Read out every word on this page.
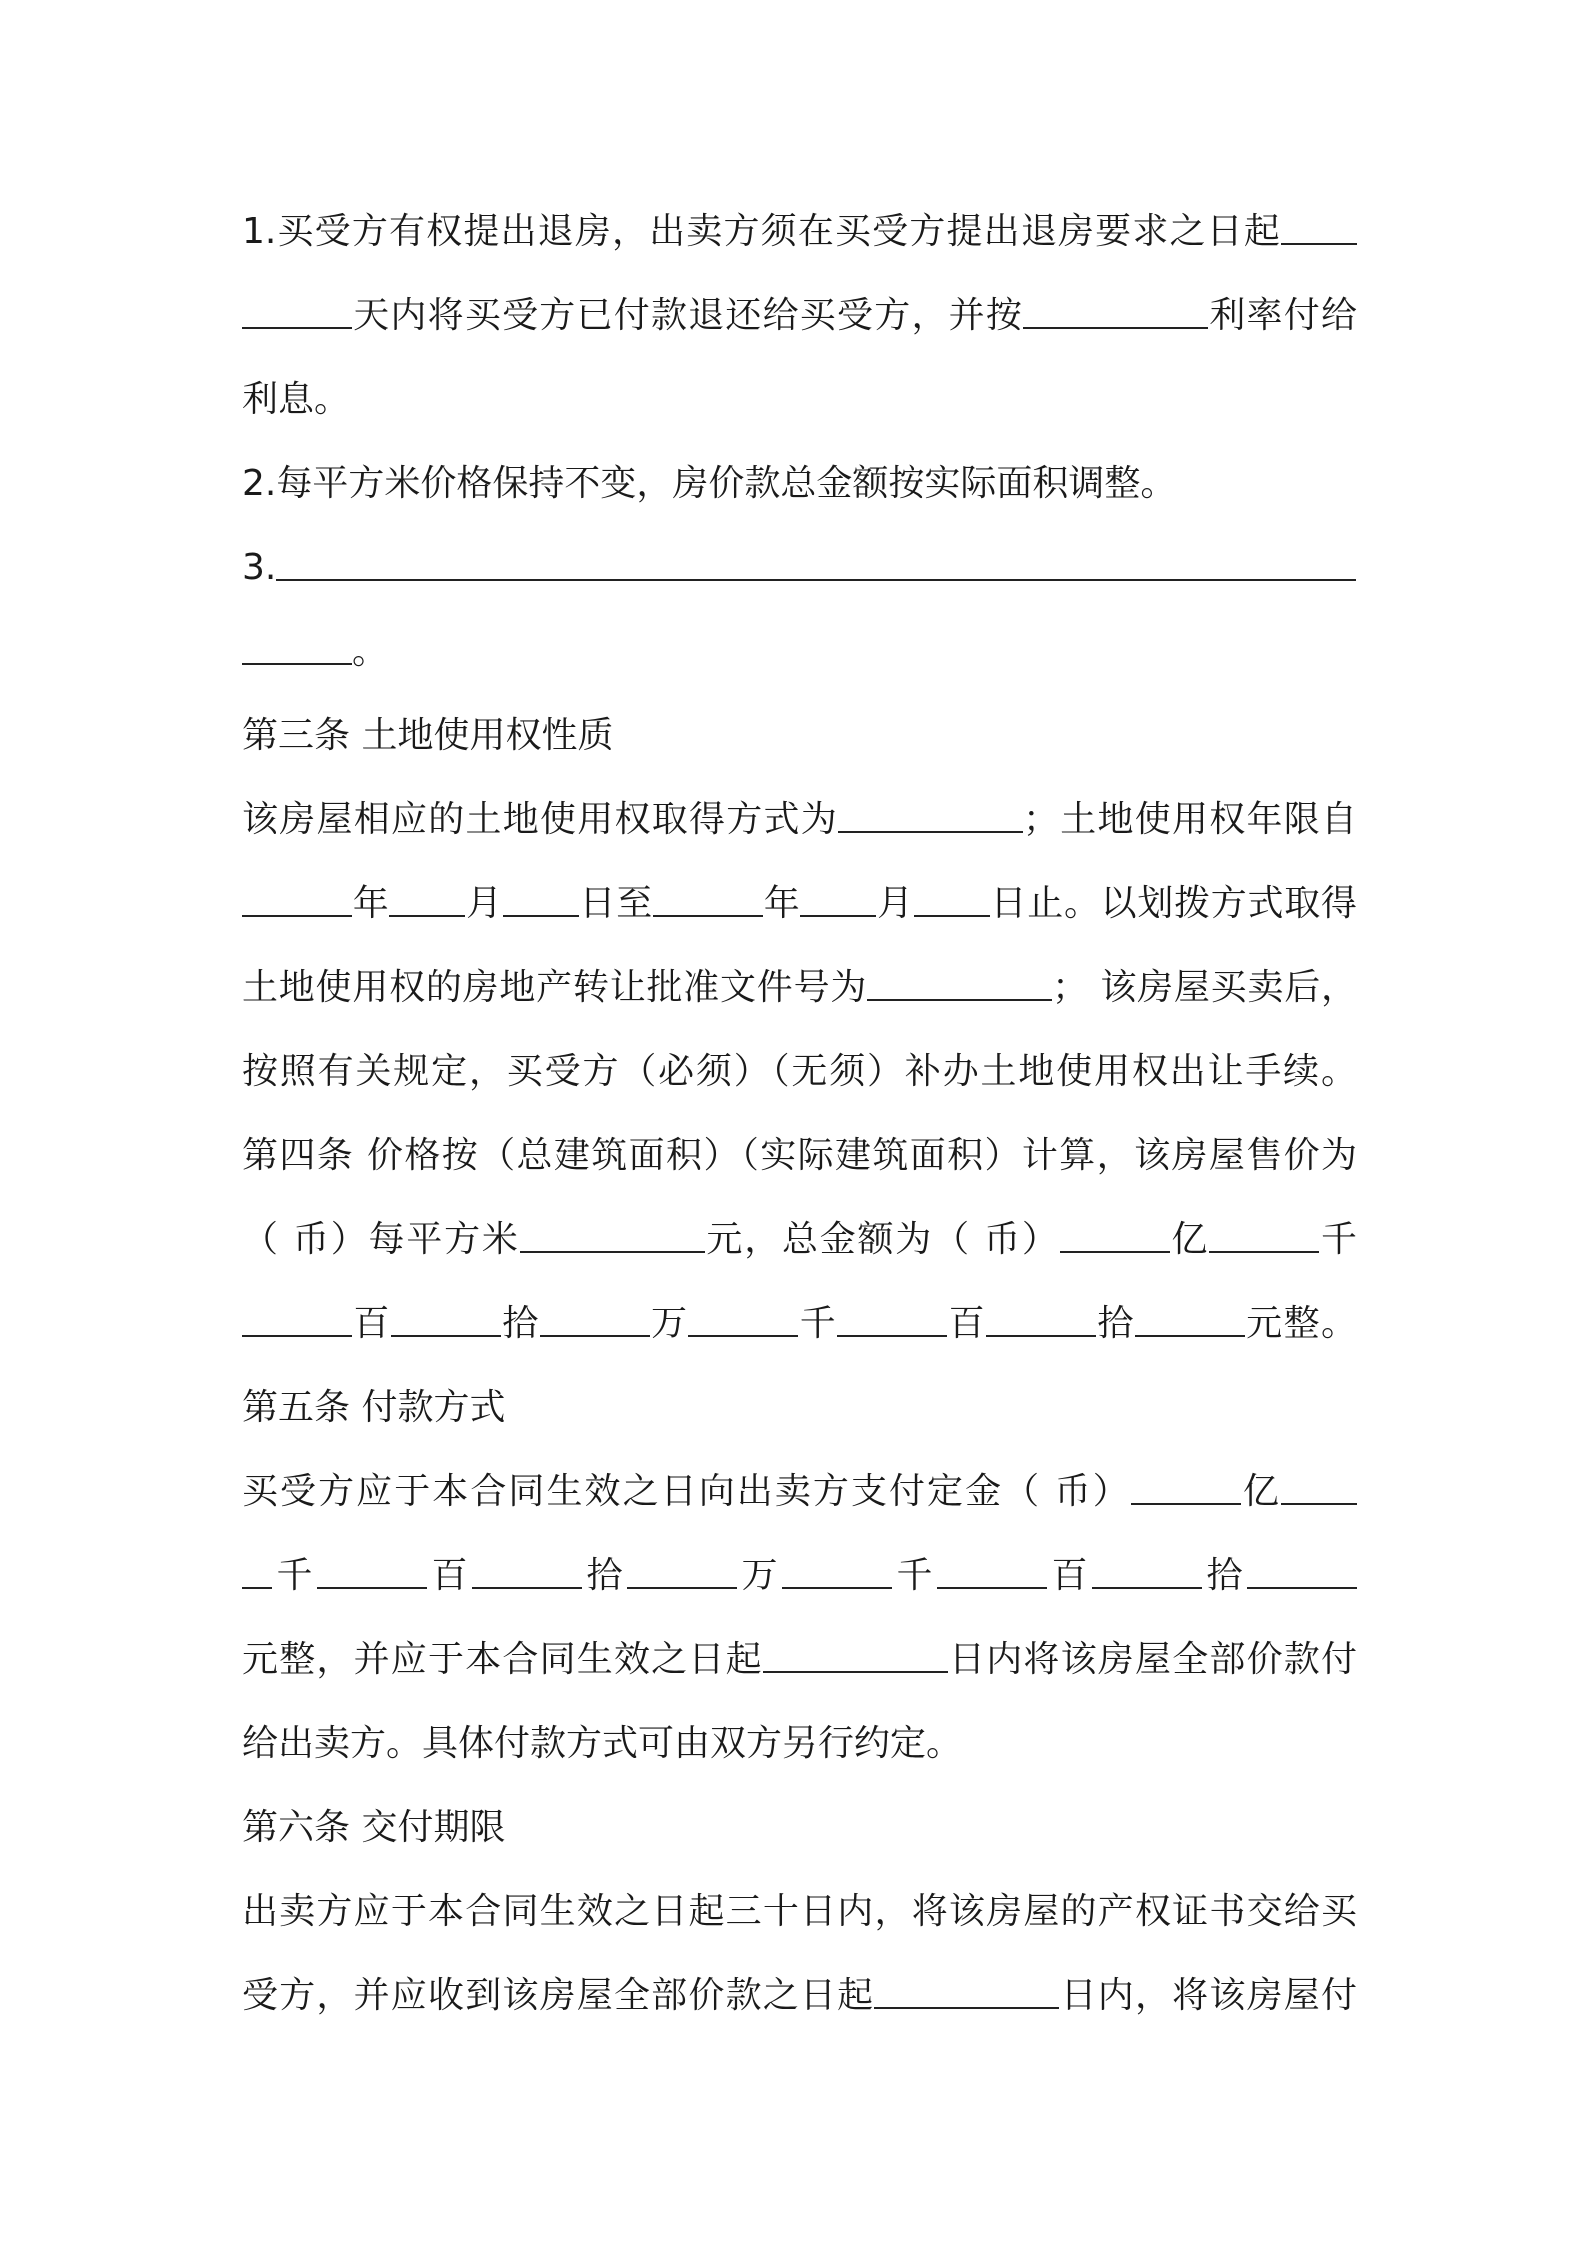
1.买受方有权提出退房，出卖方须在买受方提出退房要求之日起
天内将买受方已付款退还给买受方，并按	利率付给
利息。
2.每平方米价格保持不变，房价款总金额按实际面积调整。
3.
。
第三条 土地使用权性质
该房屋相应的土地使用权取得方式为	；土地使用权年限自
年 月 日至	年 月 日止。以划拨方式取得
土地使用权的房地产转让批准文件号为	； 该房屋买卖后，
按照有关规定，买受方（必须）（无须）补办土地使用权出让手续。
第四条 价格按（总建筑面积）（实际建筑面积）计算，该房屋售价为
（ 币）每平方米	元，总金额为（ 币）	亿	千
百	拾	万	千	百	拾	元整。
第五条 付款方式
买受方应于本合同生效之日向出卖方支付定金（ 币）	亿
千	百	拾	万	千	百	拾
元整，并应于本合同生效之日起	日内将该房屋全部价款付
给出卖方。具体付款方式可由双方另行约定。
第六条 交付期限
出卖方应于本合同生效之日起三十日内，将该房屋的产权证书交给买
受方，并应收到该房屋全部价款之日起	日内，将该房屋付
